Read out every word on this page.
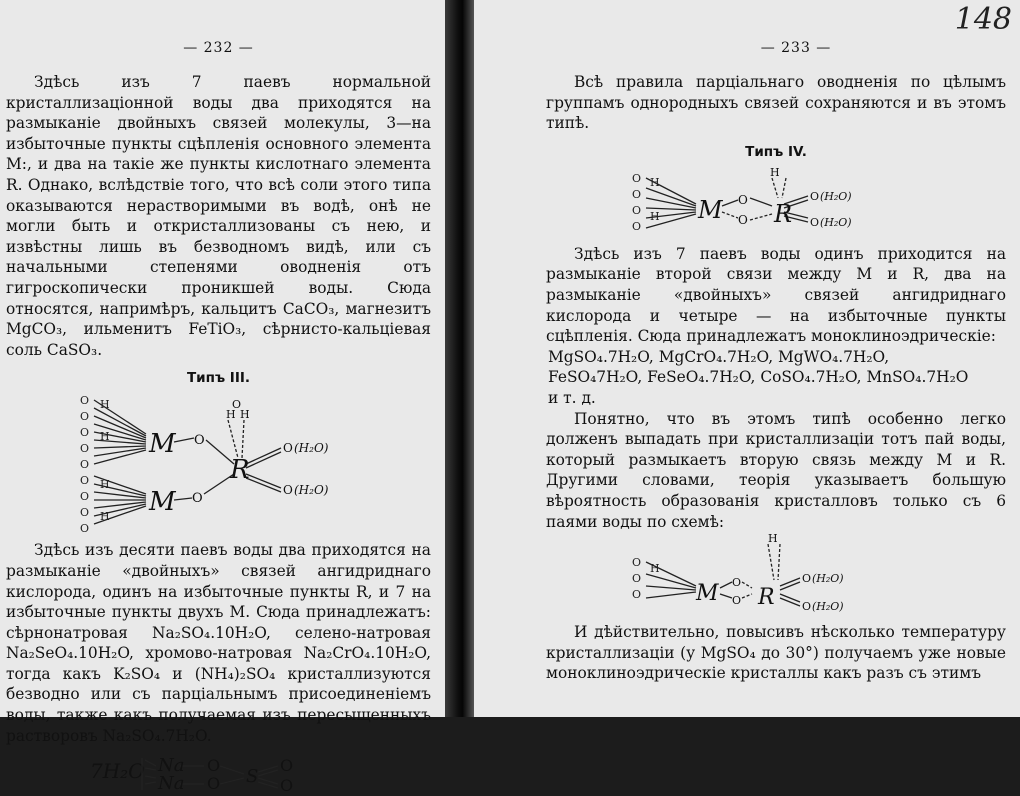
— 232 —

Здѣсь изъ 7 паевъ нормальной кристаллизаціонной воды два приходятся на размыканіе двойныхъ связей молекулы, 3—на избыточные пункты сцѣпленія основного элемента М:, и два на такіе же пункты кислотнаго элемента R. Однако, вслѣдствіе того, что всѣ соли этого типа оказываются нерастворимыми въ водѣ, онѣ не могли быть и откристаллизованы съ нею, и извѣстны лишь въ безводномъ видѣ, или съ начальными степенями оводненія отъ гигроскопически проникшей воды. Сюда относятся, напримѣръ, кальцитъ CaCO₃, магнезитъ MgCO₃, ильменитъ FeTiO₃, сѣрнисто-кальціевая соль CaSO₃.

Типъ III.
O
O
O
O
O
O
O
O
O
H
H
H
H
M
M
O
O
H H
O
R
O (H₂O)
O (H₂O)

Здѣсь изъ десяти паевъ воды два приходятся на размыканіе «двойныхъ» связей ангидриднаго кислорода, одинъ на избыточные пункты R, и 7 на избыточные пункты двухъ М. Сюда принадлежатъ: сѣрнонатровая Na₂SO₄.10H₂O, селено-натровая Na₂SeO₄.10H₂O, хромово-натровая Na₂CrO₄.10H₂O, тогда какъ K₂SO₄ и (NH₄)₂SO₄ кристаллизуются безводно или съ парціальнымъ присоединеніемъ воды, также какъ получаемая изъ пересыщенныхъ растворовъ Na₂SO₄.7H₂O.

7H₂O Na
Na
O
O S
O
O
148
— 233 —

Всѣ правила парціальнаго оводненія по цѣлымъ группамъ однородныхъ связей сохраняются и въ этомъ типѣ.

Типъ IV.
O
O
O
O
H
H M O
O
H
R
O (H₂O)
O (H₂O)

Здѣсь изъ 7 паевъ воды одинъ приходится на размыканіе второй связи между М и R, два на размыканіе «двойныхъ» связей ангидриднаго кислорода и четыре — на избыточные пункты сцѣпленія. Сюда принадлежатъ моноклиноэдрическіе:

MgSO₄.7H₂O, MgCrO₄.7H₂O, MgWO₄.7H₂O,
FeSO₄7H₂O, FeSeO₄.7H₂O, CoSO₄.7H₂O, MnSO₄.7H₂O
и т. д.

Понятно, что въ этомъ типѣ особенно легко долженъ выпадать при кристаллизаціи тотъ пай воды, который размыкаетъ вторую связь между М и R. Другими словами, теорія указываетъ большую вѣроятность образованія кристалловъ только съ 6 паями воды по схемѣ:

O
O
O
H
M O
O
H
R
O (H₂O)
O (H₂O)

И дѣйствительно, повысивъ нѣсколько температуру кристаллизаціи (у MgSO₄ до 30°) получаемъ уже новые моноклиноэдрическіе кристаллы какъ разъ съ этимъ
